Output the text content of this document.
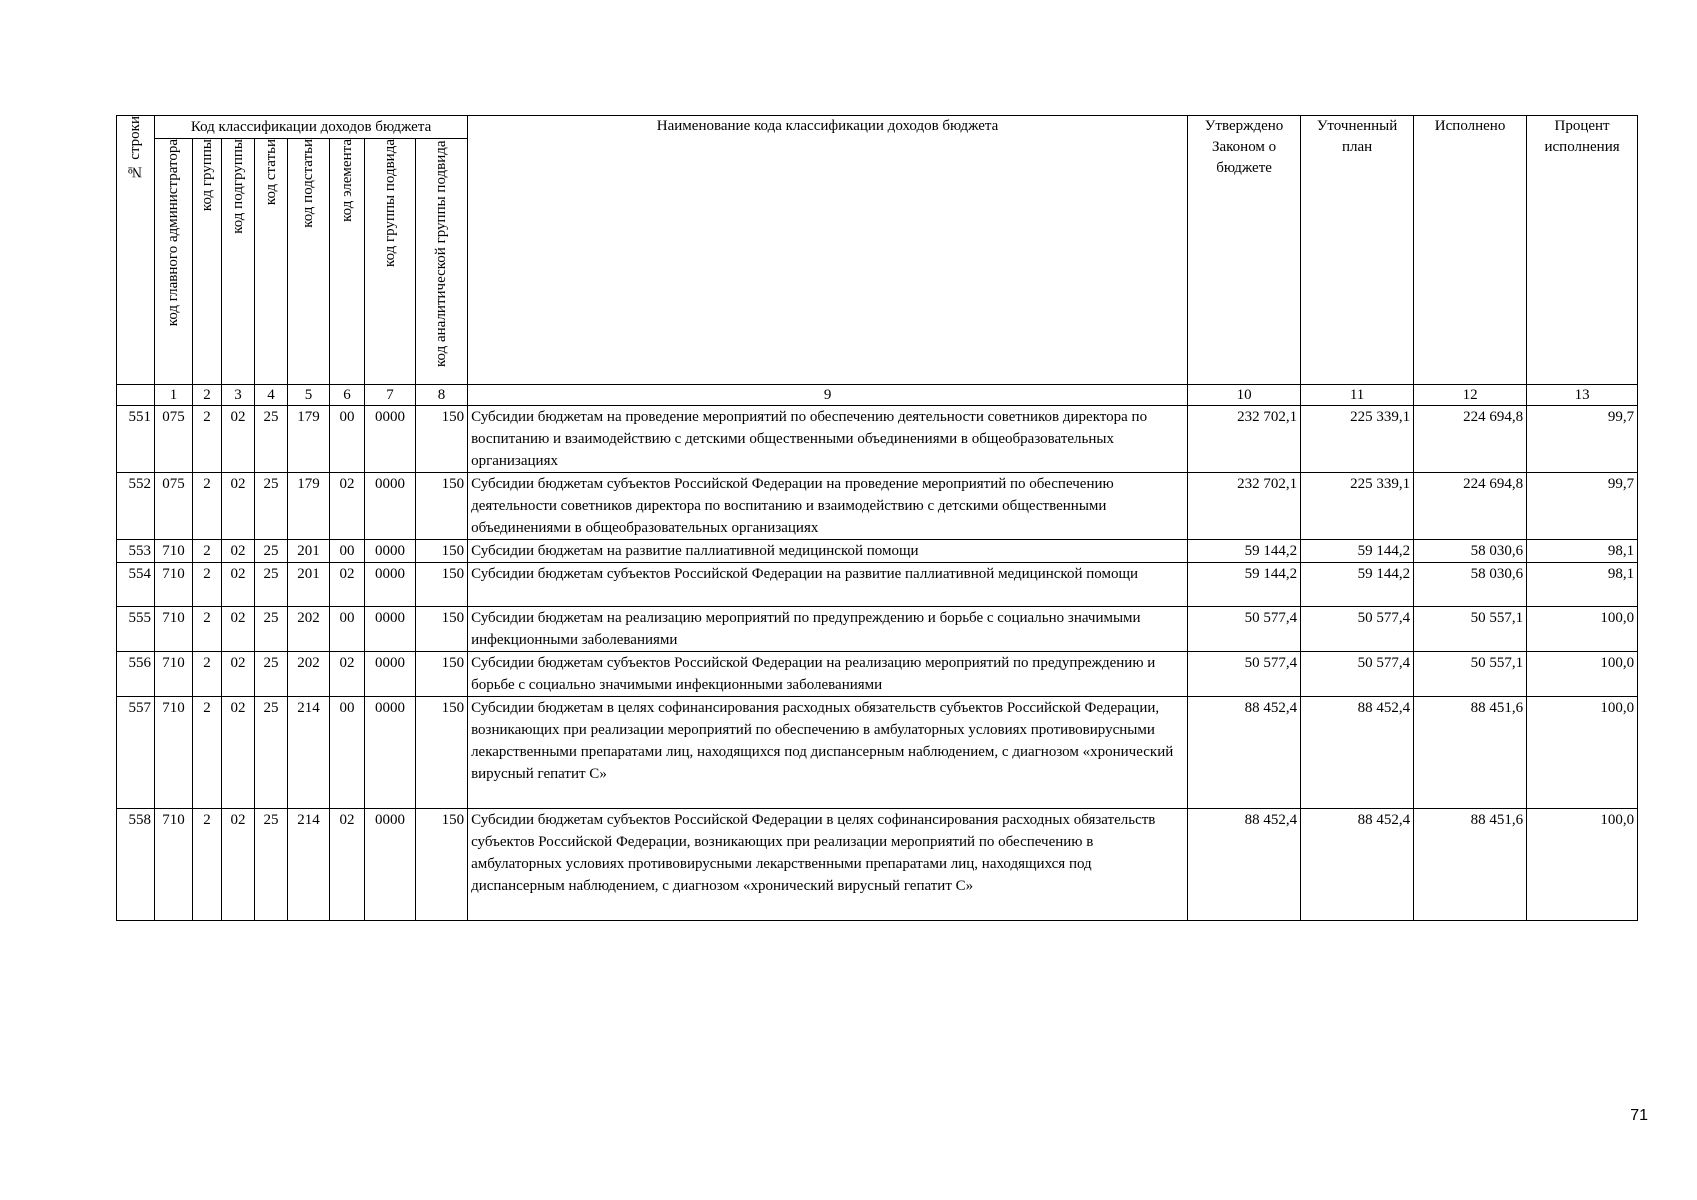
№ строки	Код классификации доходов бюджета								Наименование кода классификации доходов бюджета	Утверждено Законом о бюджете	Уточненный план	Исполнено	Процент исполнения

	код главного администратора	код группы	код подгруппы	код статьи	код подстатьи	код элемента	код группы подвида	код аналитической группы подвида					

	1	2	3	4	5	6	7	8	9	10	11	12	13
551	075	2	02	25	179	00	0000	150	Субсидии бюджетам на проведение мероприятий по обеспечению деятельности советников директора по воспитанию и взаимодействию с детскими общественными объединениями в общеобразовательных организациях	232 702,1	225 339,1	224 694,8	99,7
552	075	2	02	25	179	02	0000	150	Субсидии бюджетам субъектов Российской Федерации на проведение мероприятий по обеспечению деятельности советников директора по воспитанию и взаимодействию с детскими общественными объединениями в общеобразовательных организациях	232 702,1	225 339,1	224 694,8	99,7
553	710	2	02	25	201	00	0000	150	Субсидии бюджетам на развитие паллиативной медицинской помощи	59 144,2	59 144,2	58 030,6	98,1
554	710	2	02	25	201	02	0000	150	Субсидии бюджетам субъектов Российской Федерации на развитие паллиативной медицинской помощи	59 144,2	59 144,2	58 030,6	98,1
555	710	2	02	25	202	00	0000	150	Субсидии бюджетам на реализацию мероприятий по предупреждению и борьбе с социально значимыми инфекционными заболеваниями	50 577,4	50 577,4	50 557,1	100,0
556	710	2	02	25	202	02	0000	150	Субсидии бюджетам субъектов Российской Федерации на реализацию мероприятий по предупреждению и борьбе с социально значимыми инфекционными заболеваниями	50 577,4	50 577,4	50 557,1	100,0
557	710	2	02	25	214	00	0000	150	Субсидии бюджетам в целях софинансирования расходных обязательств субъектов Российской Федерации, возникающих при реализации мероприятий по обеспечению в амбулаторных условиях противовирусными лекарственными препаратами лиц, находящихся под диспансерным наблюдением, с диагнозом «хронический вирусный гепатит С»	88 452,4	88 452,4	88 451,6	100,0
558	710	2	02	25	214	02	0000	150	Субсидии бюджетам субъектов Российской Федерации в целях софинансирования расходных обязательств субъектов Российской Федерации, возникающих при реализации мероприятий по обеспечению в амбулаторных условиях противовирусными лекарственными препаратами лиц, находящихся под диспансерным наблюдением, с диагнозом «хронический вирусный гепатит С»	88 452,4	88 452,4	88 451,6	100,0
71
